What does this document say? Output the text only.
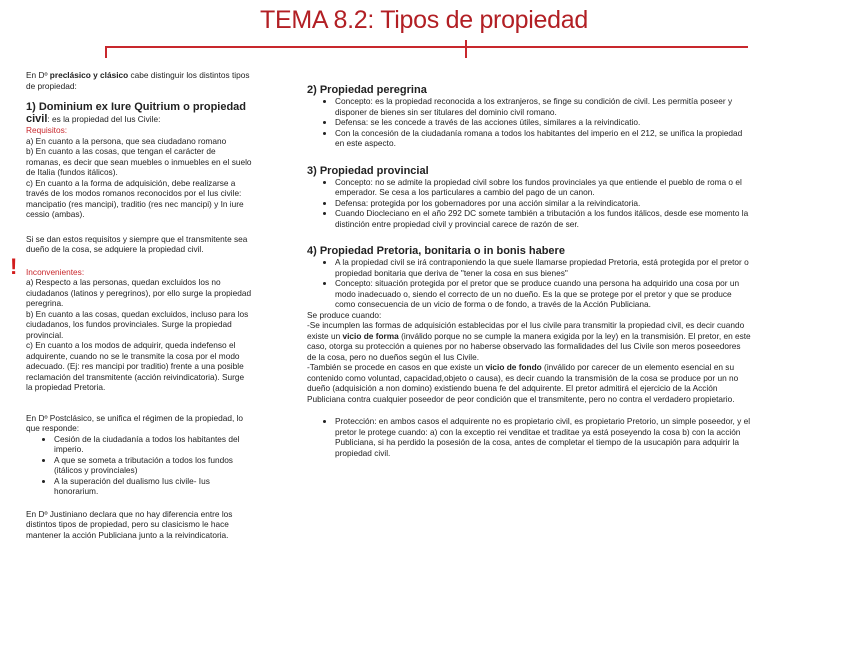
TEMA 8.2: Tipos de propiedad
!

En Dº preclásico y clásico cabe distinguir los distintos tipos de propiedad:

1) Dominium ex Iure Quitrium o propiedad civil: es la propiedad del Ius Civile:

Requisitos:

a) En cuanto a la persona, que sea ciudadano romano

b) En cuanto a las cosas, que tengan el carácter de romanas, es decir que sean muebles o inmuebles en el suelo de Italia (fundos itálicos).

c) En cuanto a la forma de adquisición, debe realizarse a través de los modos romanos reconocidos por el Ius civile: mancipatio (res mancipi), traditio (res nec mancipi) y In iure cessio (ambas).

Si se dan estos requisitos y siempre que el transmitente sea dueño de la cosa, se adquiere la propiedad civil.

Inconvenientes:

a) Respecto a las personas, quedan excluidos los no ciudadanos (latinos y peregrinos), por ello surge la propiedad peregrina.

b) En cuanto a las cosas, quedan excluidos, incluso para los ciudadanos, los fundos provinciales. Surge la propiedad provincial.

c) En cuanto a los modos de adquirir, queda indefenso el adquirente, cuando no se le transmite la cosa por el modo adecuado. (Ej: res mancipi por traditio) frente a una posible reclamación del transmitente (acción reivindicatoria). Surge la propiedad Pretoria.

En Dº Postclásico, se unifica el régimen de la propiedad, lo que responde:

• Cesión de la ciudadanía a todos los habitantes del imperio.
• A que se someta a tributación a todos los fundos (itálicos y provinciales)
• A la superación del dualismo Ius civile- Ius honorarium.

En Dº Justiniano declara que no hay diferencia entre los distintos tipos de propiedad, pero su clasicismo le hace mantener la acción Publiciana junto a la reivindicatoria.

2) Propiedad peregrina
• Concepto: es la propiedad reconocida a los extranjeros, se finge su condición de civil. Les permitía poseer y disponer de bienes sin ser titulares del dominio civil romano.
• Defensa: se les concede a través de las acciones útiles, similares a la reivindicatio.
• Con la concesión de la ciudadanía romana a todos los habitantes del imperio en el 212, se unifica la propiedad en este aspecto.
3) Propiedad provincial
• Concepto: no se admite la propiedad civil sobre los fundos provinciales ya que entiende el pueblo de roma o el emperador. Se cesa a los particulares a cambio del pago de un canon.
• Defensa: protegida por los gobernadores por una acción similar a la reivindicatoria.
• Cuando Diocleciano en el año 292 DC somete también a tributación a los fundos itálicos, desde ese momento la distinción entre propiedad civil y provincial carece de razón de ser.
4) Propiedad Pretoria, bonitaria o in bonis habere
• A la propiedad civil se irá contraponiendo la que suele llamarse propiedad Pretoria, está protegida por el pretor o propiedad bonitaria que deriva de "tener la cosa en sus bienes"
• Concepto: situación protegida por el pretor que se produce cuando una persona ha adquirido una cosa por un modo inadecuado o, siendo el correcto de un no dueño. Es la que se protege por el pretor y que se produce como consecuencia de un vicio de forma o de fondo, a través de la Acción Publiciana.

Se produce cuando:

-Se incumplen las formas de adquisición establecidas por el Ius civile para transmitir la propiedad civil, es decir cuando existe un vicio de forma (inválido porque no se cumple la manera exigida por la ley) en la transmisión. El pretor, en este caso, otorga su protección a quienes por no haberse observado las formalidades del Ius Civile son meros poseedores de la cosa, pero no dueños según el Ius Civile.

-También se procede en casos en que existe un vicio de fondo (inválido por carecer de un elemento esencial en su contenido como voluntad, capacidad,objeto o causa), es decir cuando la transmisión de la cosa se produce por un no dueño (adquisición a non domino) existiendo buena fe del adquirente. El pretor admitirá el ejercicio de la Acción Publiciana contra cualquier poseedor de peor condición que el transmitente, pero no contra el verdadero propietario.

• Protección: en ambos casos el adquirente no es propietario civil, es propietario Pretorio, un simple poseedor, y el pretor le protege cuando: a) con la exceptio rei venditae et traditae ya está poseyendo la cosa b) con la acción Publiciana, si ha perdido la posesión de la cosa, antes de completar el tiempo de la usucapión para adquirir la propiedad civil.
